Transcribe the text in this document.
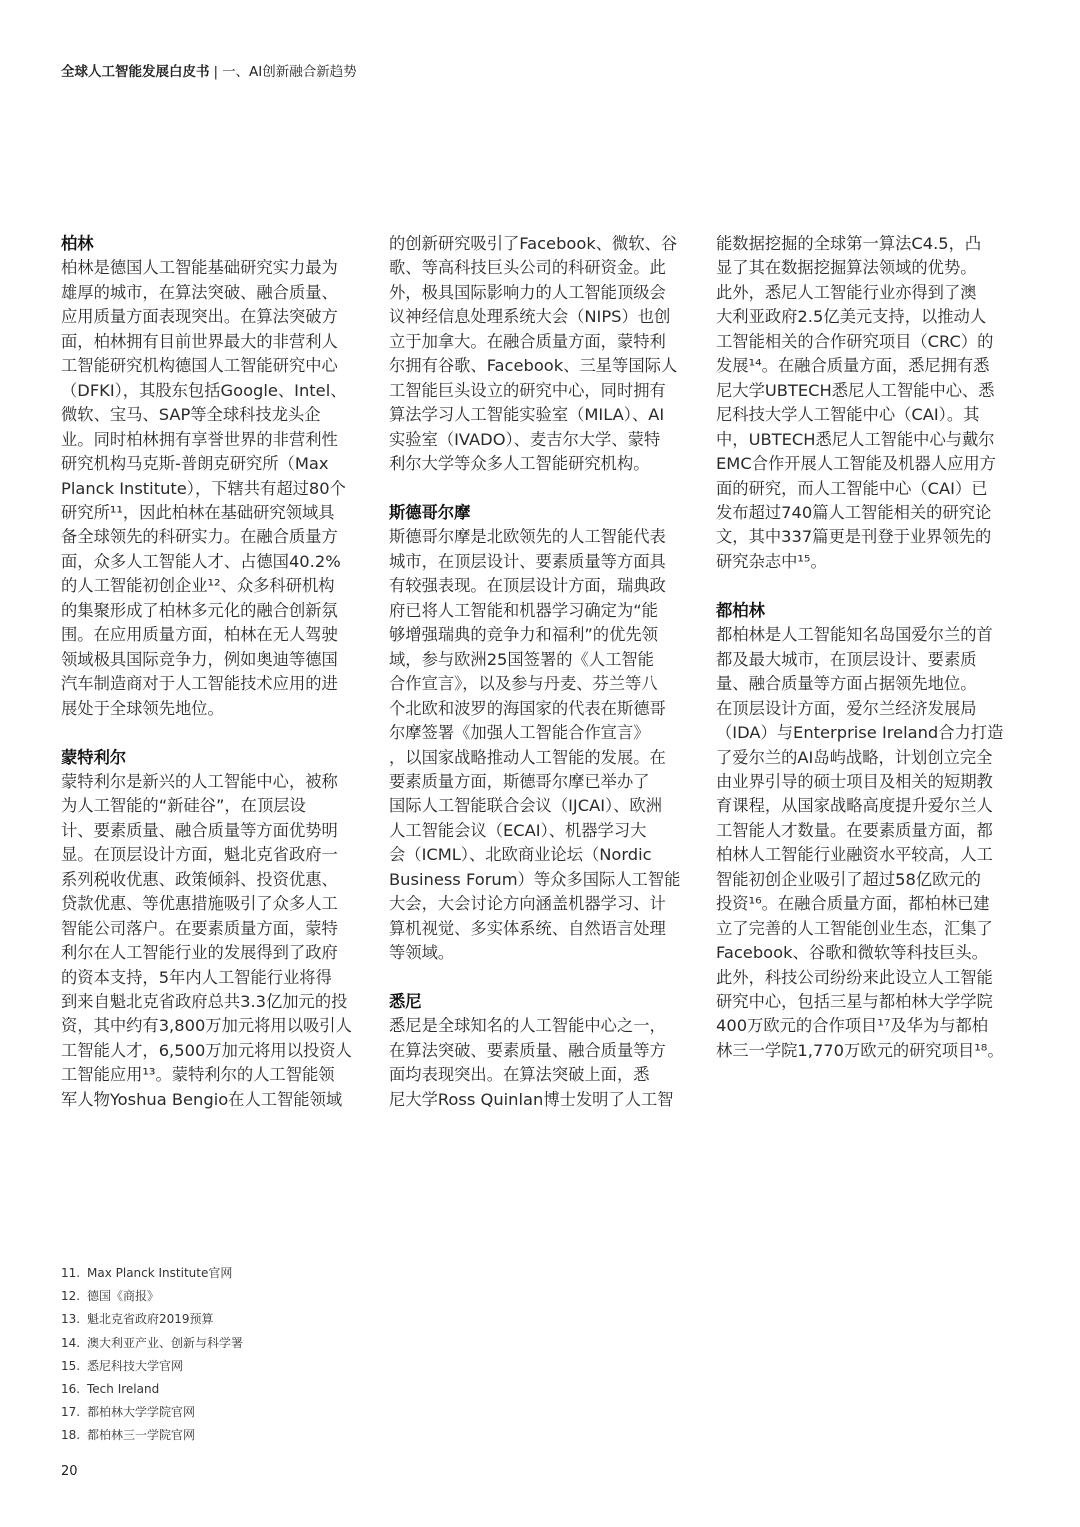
全球人工智能发展白皮书 | 一、AI创新融合新趋势
柏林
柏林是德国人工智能基础研究实力最为
雄厚的城市，在算法突破、融合质量、
应用质量方面表现突出。在算法突破方
面，柏林拥有目前世界最大的非营利人
工智能研究机构德国人工智能研究中心
（DFKI），其股东包括Google、Intel、
微软、宝马、SAP等全球科技龙头企
业。同时柏林拥有享誉世界的非营利性
研究机构马克斯-普朗克研究所（Max
Planck Institute），下辖共有超过80个
研究所¹¹，因此柏林在基础研究领域具
备全球领先的科研实力。在融合质量方
面，众多人工智能人才、占德国40.2%
的人工智能初创企业¹²、众多科研机构
的集聚形成了柏林多元化的融合创新氛
围。在应用质量方面，柏林在无人驾驶
领域极具国际竞争力，例如奥迪等德国
汽车制造商对于人工智能技术应用的进
展处于全球领先地位。
蒙特利尔
蒙特利尔是新兴的人工智能中心，被称
为人工智能的“新硅谷”，在顶层设
计、要素质量、融合质量等方面优势明
显。在顶层设计方面，魁北克省政府一
系列税收优惠、政策倾斜、投资优惠、
贷款优惠、等优惠措施吸引了众多人工
智能公司落户。在要素质量方面，蒙特
利尔在人工智能行业的发展得到了政府
的资本支持，5年内人工智能行业将得
到来自魁北克省政府总共3.3亿加元的投
资，其中约有3,800万加元将用以吸引人
工智能人才，6,500万加元将用以投资人
工智能应用¹³。蒙特利尔的人工智能领
军人物Yoshua Bengio在人工智能领域
的创新研究吸引了Facebook、微软、谷
歌、等高科技巨头公司的科研资金。此
外，极具国际影响力的人工智能顶级会
议神经信息处理系统大会（NIPS）也创
立于加拿大。在融合质量方面，蒙特利
尔拥有谷歌、Facebook、三星等国际人
工智能巨头设立的研究中心，同时拥有
算法学习人工智能实验室（MILA）、AI
实验室（IVADO）、麦吉尔大学、蒙特
利尔大学等众多人工智能研究机构。
斯德哥尔摩
斯德哥尔摩是北欧领先的人工智能代表
城市，在顶层设计、要素质量等方面具
有较强表现。在顶层设计方面，瑞典政
府已将人工智能和机器学习确定为“能
够增强瑞典的竞争力和福利”的优先领
域，参与欧洲25国签署的《人工智能
合作宣言》，以及参与丹麦、芬兰等八
个北欧和波罗的海国家的代表在斯德哥
尔摩签署《加强人工智能合作宣言》
，以国家战略推动人工智能的发展。在
要素质量方面，斯德哥尔摩已举办了
国际人工智能联合会议（IJCAI）、欧洲
人工智能会议（ECAI）、机器学习大
会（ICML）、北欧商业论坛（Nordic
Business Forum）等众多国际人工智能
大会，大会讨论方向涵盖机器学习、计
算机视觉、多实体系统、自然语言处理
等领域。
悉尼
悉尼是全球知名的人工智能中心之一，
在算法突破、要素质量、融合质量等方
面均表现突出。在算法突破上面，悉
尼大学Ross Quinlan博士发明了人工智
能数据挖掘的全球第一算法C4.5，凸
显了其在数据挖掘算法领域的优势。
此外，悉尼人工智能行业亦得到了澳
大利亚政府2.5亿美元支持，以推动人
工智能相关的合作研究项目（CRC）的
发展¹⁴。在融合质量方面，悉尼拥有悉
尼大学UBTECH悉尼人工智能中心、悉
尼科技大学人工智能中心（CAI）。其
中，UBTECH悉尼人工智能中心与戴尔
EMC合作开展人工智能及机器人应用方
面的研究，而人工智能中心（CAI）已
发布超过740篇人工智能相关的研究论
文，其中337篇更是刊登于业界领先的
研究杂志中¹⁵。
都柏林
都柏林是人工智能知名岛国爱尔兰的首
都及最大城市，在顶层设计、要素质
量、融合质量等方面占据领先地位。
在顶层设计方面，爱尔兰经济发展局
（IDA）与Enterprise Ireland合力打造
了爱尔兰的AI岛屿战略，计划创立完全
由业界引导的硕士项目及相关的短期教
育课程，从国家战略高度提升爱尔兰人
工智能人才数量。在要素质量方面，都
柏林人工智能行业融资水平较高，人工
智能初创企业吸引了超过58亿欧元的
投资¹⁶。在融合质量方面，都柏林已建
立了完善的人工智能创业生态，汇集了
Facebook、谷歌和微软等科技巨头。
此外，科技公司纷纷来此设立人工智能
研究中心，包括三星与都柏林大学学院
400万欧元的合作项目¹⁷及华为与都柏
林三一学院1,770万欧元的研究项目¹⁸。
11. Max Planck Institute官网
12. 德国《商报》
13. 魁北克省政府2019预算
14. 澳大利亚产业、创新与科学署
15. 悉尼科技大学官网
16. Tech Ireland
17. 都柏林大学学院官网
18. 都柏林三一学院官网
20
